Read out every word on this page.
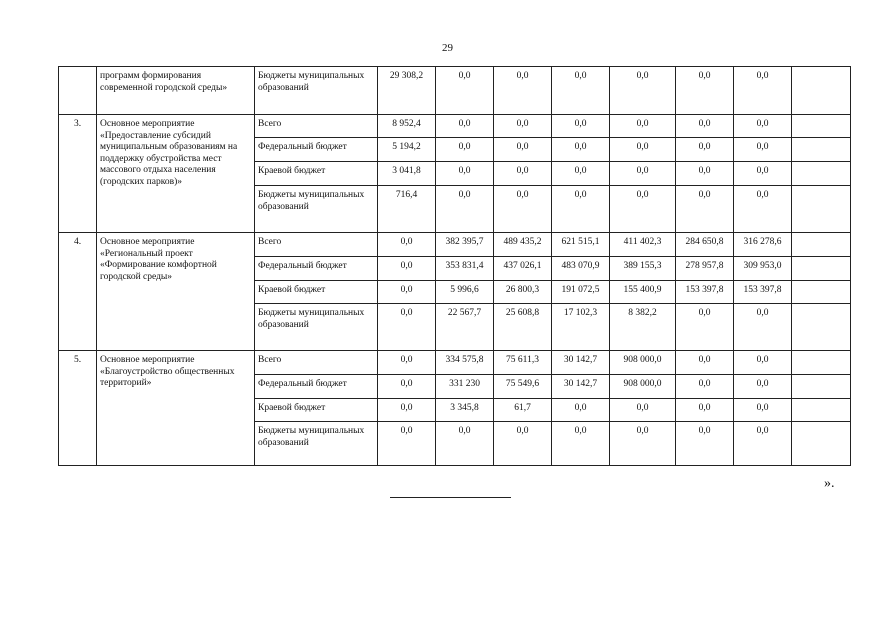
29
	программ формирования современной городской среды»	Бюджеты муниципальных образований	29 308,2	0,0	0,0	0,0	0,0	0,0	0,0	
3.	Основное мероприятие «Предоставление субсидий муниципальным образованиям на поддержку обустройства мест массового отдыха населения (городских парков)»	Всего	8 952,4	0,0	0,0	0,0	0,0	0,0	0,0	
		Федеральный бюджет	5 194,2	0,0	0,0	0,0	0,0	0,0	0,0	
		Краевой бюджет	3 041,8	0,0	0,0	0,0	0,0	0,0	0,0	
		Бюджеты муниципальных образований	716,4	0,0	0,0	0,0	0,0	0,0	0,0	
4.	Основное мероприятие «Региональный проект «Формирование комфортной городской среды»	Всего	0,0	382 395,7	489 435,2	621 515,1	411 402,3	284 650,8	316 278,6	
		Федеральный бюджет	0,0	353 831,4	437 026,1	483 070,9	389 155,3	278 957,8	309 953,0	
		Краевой бюджет	0,0	5 996,6	26 800,3	191 072,5	155 400,9	153 397,8	153 397,8	
		Бюджеты муниципальных образований	0,0	22 567,7	25 608,8	17 102,3	8 382,2	0,0	0,0	
5.	Основное мероприятие «Благоустройство общественных территорий»	Всего	0,0	334 575,8	75 611,3	30 142,7	908 000,0	0,0	0,0	
		Федеральный бюджет	0,0	331 230	75 549,6	30 142,7	908 000,0	0,0	0,0	
		Краевой бюджет	0,0	3 345,8	61,7	0,0	0,0	0,0	0,0	
		Бюджеты муниципальных образований	0,0	0,0	0,0	0,0	0,0	0,0	0,0	
».
